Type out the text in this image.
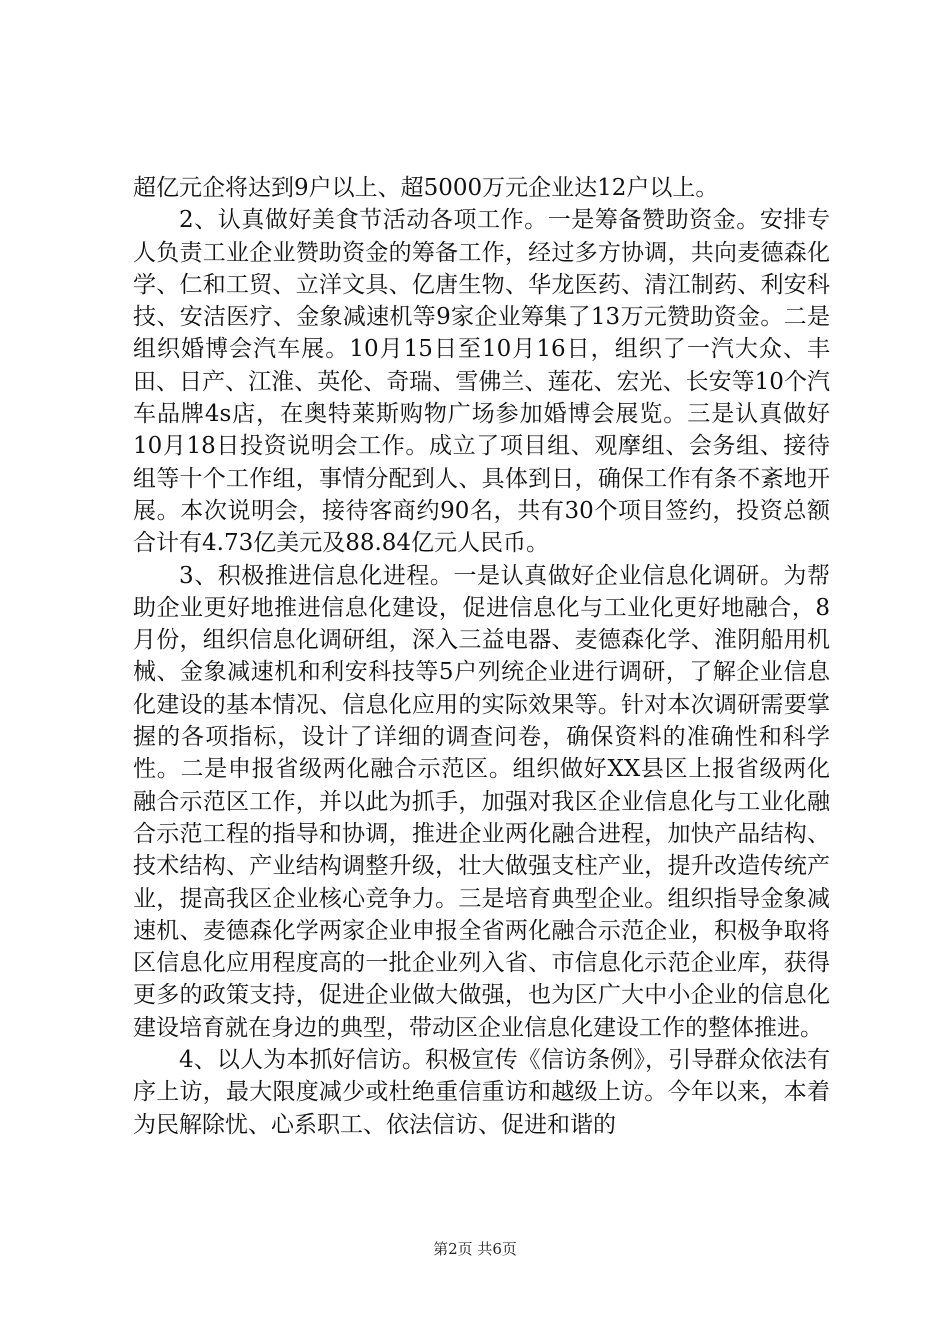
超亿元企将达到9户以上、超5000万元企业达12户以上。

2、认真做好美食节活动各项工作。一是筹备赞助资金。安排专人负责工业企业赞助资金的筹备工作，经过多方协调，共向麦德森化学、仁和工贸、立洋文具、亿唐生物、华龙医药、清江制药、利安科技、安洁医疗、金象减速机等9家企业筹集了13万元赞助资金。二是组织婚博会汽车展。10月15日至10月16日，组织了一汽大众、丰田、日产、江淮、英伦、奇瑞、雪佛兰、莲花、宏光、长安等10个汽车品牌4s店，在奥特莱斯购物广场参加婚博会展览。三是认真做好10月18日投资说明会工作。成立了项目组、观摩组、会务组、接待组等十个工作组，事情分配到人、具体到日，确保工作有条不紊地开展。本次说明会，接待客商约90名，共有30个项目签约，投资总额合计有4.73亿美元及88.84亿元人民币。

3、积极推进信息化进程。一是认真做好企业信息化调研。为帮助企业更好地推进信息化建设，促进信息化与工业化更好地融合，8月份，组织信息化调研组，深入三益电器、麦德森化学、淮阴船用机械、金象减速机和利安科技等5户列统企业进行调研，了解企业信息化建设的基本情况、信息化应用的实际效果等。针对本次调研需要掌握的各项指标，设计了详细的调查问卷，确保资料的准确性和科学性。二是申报省级两化融合示范区。组织做好XX县区上报省级两化融合示范区工作，并以此为抓手，加强对我区企业信息化与工业化融合示范工程的指导和协调，推进企业两化融合进程，加快产品结构、技术结构、产业结构调整升级，壮大做强支柱产业，提升改造传统产业，提高我区企业核心竞争力。三是培育典型企业。组织指导金象减速机、麦德森化学两家企业申报全省两化融合示范企业，积极争取将区信息化应用程度高的一批企业列入省、市信息化示范企业库，获得更多的政策支持，促进企业做大做强，也为区广大中小企业的信息化建设培育就在身边的典型，带动区企业信息化建设工作的整体推进。

4、以人为本抓好信访。积极宣传《信访条例》，引导群众依法有序上访，最大限度减少或杜绝重信重访和越级上访。今年以来，本着为民解除忧、心系职工、依法信访、促进和谐的

第2页 共6页
